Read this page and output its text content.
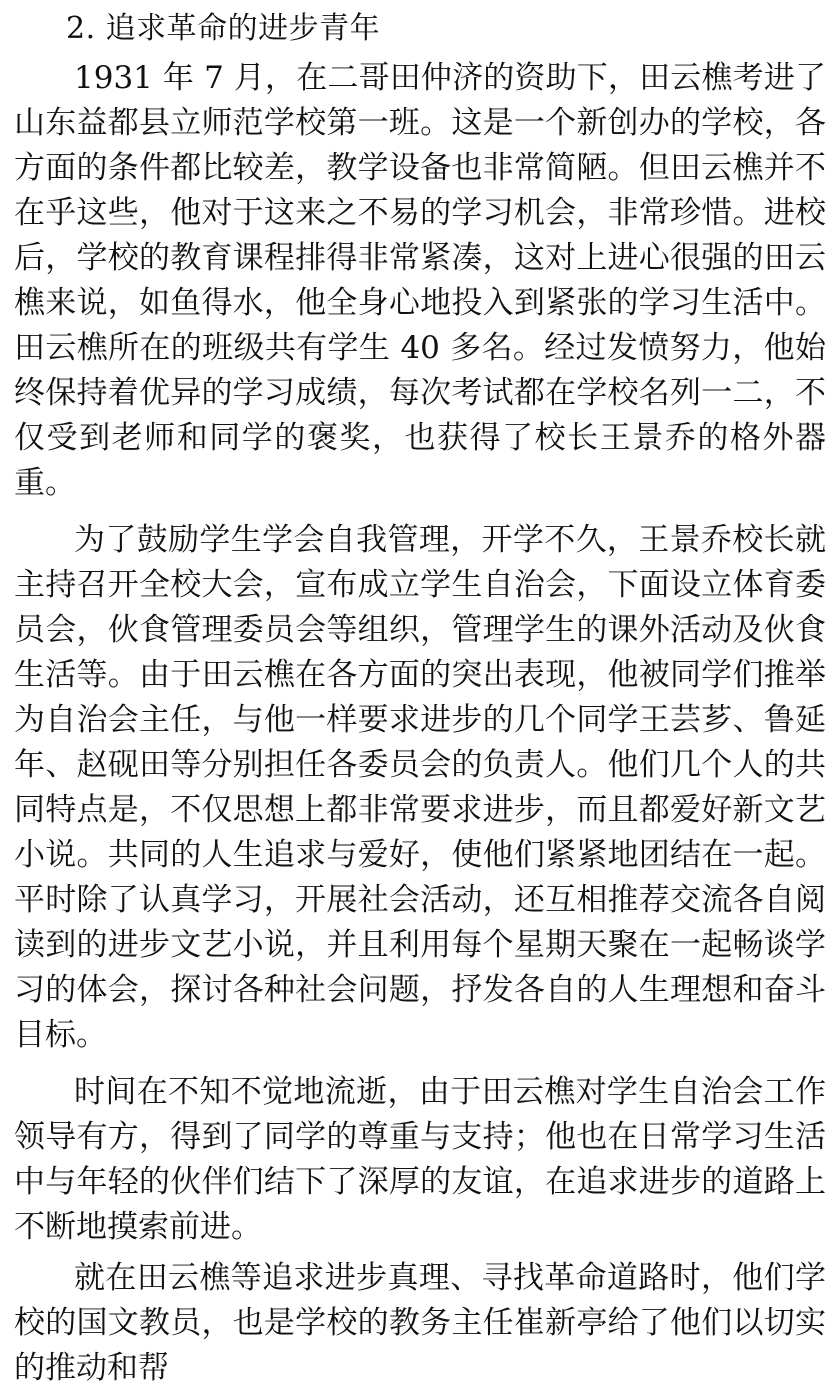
2. 追求革命的进步青年

1931 年 7 月，在二哥田仲济的资助下，田云樵考进了山东益都县立师范学校第一班。这是一个新创办的学校，各方面的条件都比较差，教学设备也非常简陋。但田云樵并不在乎这些，他对于这来之不易的学习机会，非常珍惜。进校后，学校的教育课程排得非常紧凑，这对上进心很强的田云樵来说，如鱼得水，他全身心地投入到紧张的学习生活中。田云樵所在的班级共有学生 40 多名。经过发愤努力，他始终保持着优异的学习成绩，每次考试都在学校名列一二，不仅受到老师和同学的褒奖，也获得了校长王景乔的格外器重。

为了鼓励学生学会自我管理，开学不久，王景乔校长就主持召开全校大会，宣布成立学生自治会，下面设立体育委员会，伙食管理委员会等组织，管理学生的课外活动及伙食生活等。由于田云樵在各方面的突出表现，他被同学们推举为自治会主任，与他一样要求进步的几个同学王芸芗、鲁延年、赵砚田等分别担任各委员会的负责人。他们几个人的共同特点是，不仅思想上都非常要求进步，而且都爱好新文艺小说。共同的人生追求与爱好，使他们紧紧地团结在一起。平时除了认真学习，开展社会活动，还互相推荐交流各自阅读到的进步文艺小说，并且利用每个星期天聚在一起畅谈学习的体会，探讨各种社会问题，抒发各自的人生理想和奋斗目标。

时间在不知不觉地流逝，由于田云樵对学生自治会工作领导有方，得到了同学的尊重与支持；他也在日常学习生活中与年轻的伙伴们结下了深厚的友谊，在追求进步的道路上不断地摸索前进。

就在田云樵等追求进步真理、寻找革命道路时，他们学校的国文教员，也是学校的教务主任崔新亭给了他们以切实的推动和帮
